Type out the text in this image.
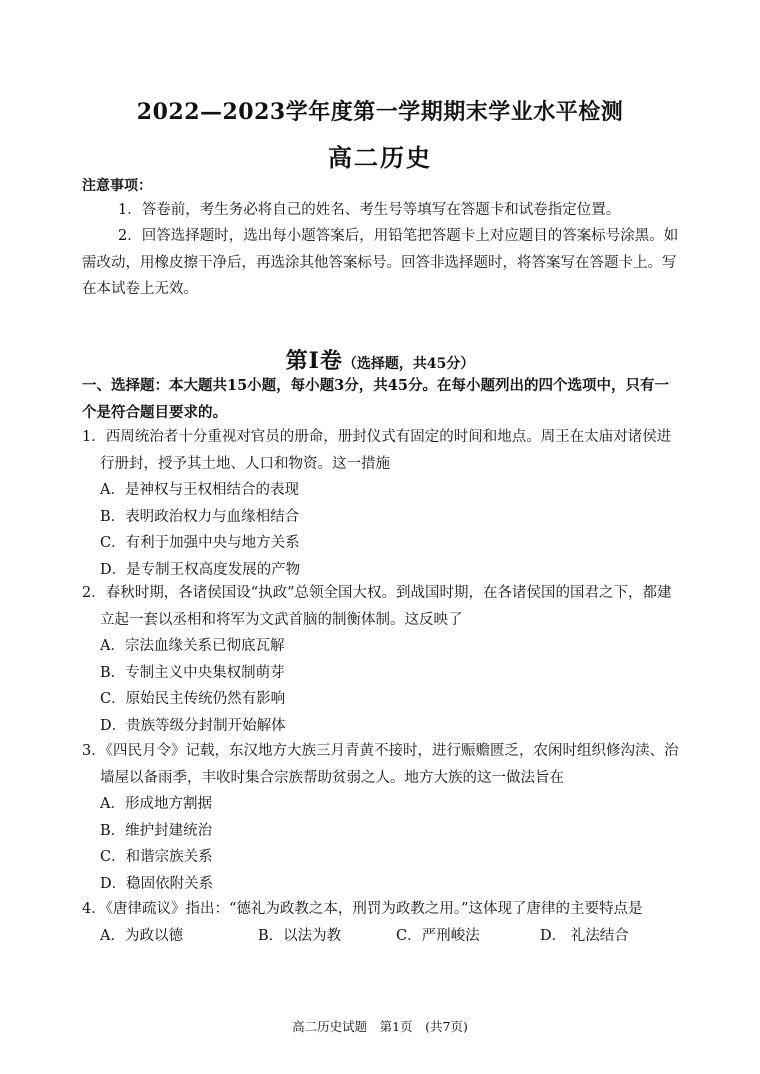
2022—2023学年度第一学期期末学业水平检测
高二历史
注意事项：

1．答卷前，考生务必将自己的姓名、考生号等填写在答题卡和试卷指定位置。

2．回答选择题时，选出每小题答案后，用铅笔把答题卡上对应题目的答案标号涂黑。如需改动，用橡皮擦干净后，再选涂其他答案标号。回答非选择题时，将答案写在答题卡上。写在本试卷上无效。

第Ⅰ卷（选择题，共45分）

一、选择题：本大题共15小题，每小题3分，共45分。在每小题列出的四个选项中，只有一个是符合题目要求的。

1．西周统治者十分重视对官员的册命，册封仪式有固定的时间和地点。周王在太庙对诸侯进行册封，授予其土地、人口和物资。这一措施

A．是神权与王权相结合的表现

B．表明政治权力与血缘相结合

C．有利于加强中央与地方关系

D．是专制王权高度发展的产物

2．春秋时期，各诸侯国设“执政”总领全国大权。到战国时期，在各诸侯国的国君之下，都建立起一套以丞相和将军为文武首脑的制衡体制。这反映了

A．宗法血缘关系已彻底瓦解

B．专制主义中央集权制萌芽

C．原始民主传统仍然有影响

D．贵族等级分封制开始解体

3．《四民月令》记载，东汉地方大族三月青黄不接时，进行赈赡匮乏，农闲时组织修沟渎、治墙屋以备雨季，丰收时集合宗族帮助贫弱之人。地方大族的这一做法旨在

A．形成地方割据

B．维护封建统治

C．和谐宗族关系

D．稳固依附关系

4．《唐律疏议》指出：“德礼为政教之本，刑罚为政教之用。”这体现了唐律的主要特点是

A．为政以德	B．以法为教	C．严刑峻法	D． 礼法结合
高二历史试题　第1页　(共7页)
